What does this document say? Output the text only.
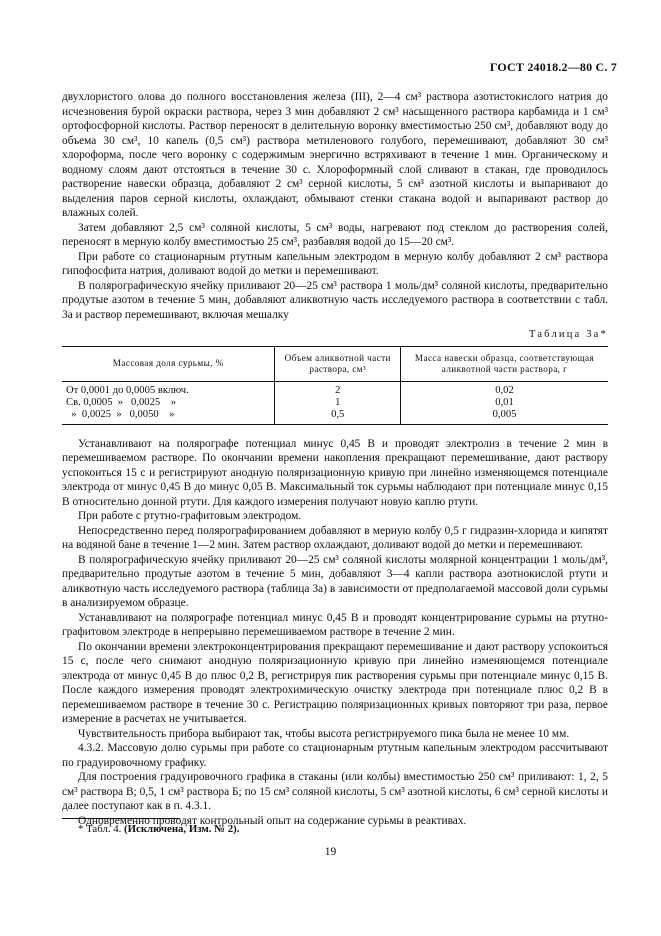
ГОСТ 24018.2—80 С. 7

двухлористого олова до полного восстановления железа (III), 2—4 см³ раствора азотистокислого натрия до исчезновения бурой окраски раствора, через 3 мин добавляют 2 см³ насыщенного раствора карбамида и 1 см³ ортофосфорной кислоты. Раствор переносят в делительную воронку вместимостью 250 см³, добавляют воду до объема 30 см³, 10 капель (0,5 см³) раствора метиленового голубого, перемешивают, добавляют 30 см³ хлороформа, после чего воронку с содержимым энергично встряхивают в течение 1 мин. Органическому и водному слоям дают отстояться в течение 30 с. Хлороформный слой сливают в стакан, где проводилось растворение навески образца, добавляют 2 см³ серной кислоты, 5 см³ азотной кислоты и выпаривают до выделения паров серной кислоты, охлаждают, обмывают стенки стакана водой и выпаривают раствор до влажных солей.

Затем добавляют 2,5 см³ соляной кислоты, 5 см³ воды, нагревают под стеклом до растворения солей, переносят в мерную колбу вместимостью 25 см³, разбавляя водой до 15—20 см³.

При работе со стационарным ртутным капельным электродом в мерную колбу добавляют 2 см³ раствора гипофосфита натрия, доливают водой до метки и перемешивают.

В полярографическую ячейку приливают 20—25 см³ раствора 1 моль/дм³ соляной кислоты, предварительно продутые азотом в течение 5 мин, добавляют аликвотную часть исследуемого раствора в соответствии с табл. 3а и раствор перемешивают, включая мешалку

Таблица 3а*
Массовая доля сурьмы, %	Объем аликвотной части раствора, см³	Масса навески образца, соответствующая аликвотной части раствора, г
От 0,0001 до 0,0005 включ.	2	0,02
Св. 0,0005  »   0,0025    »	1	0,01
»  0,0025  »   0,0050    »	0,5	0,005

Устанавливают на полярографе потенциал минус 0,45 В и проводят электролиз в течение 2 мин в перемешиваемом растворе. По окончании времени накопления прекращают перемешивание, дают раствору успокоиться 15 с и регистрируют анодную поляризационную кривую при линейно изменяющемся потенциале электрода от минус 0,45 В до минус 0,05 В. Максимальный ток сурьмы наблюдают при потенциале минус 0,15 В относительно донной ртути. Для каждого измерения получают новую каплю ртути.

При работе с ртутно-графитовым электродом.

Непосредственно перед полярографированием добавляют в мерную колбу 0,5 г гидразин-хлорида и кипятят на водяной бане в течение 1—2 мин. Затем раствор охлаждают, доливают водой до метки и перемешивают.

В полярографическую ячейку приливают 20—25 см³ соляной кислоты молярной концентрации 1 моль/дм³, предварительно продутые азотом в течение 5 мин, добавляют 3—4 капли раствора азотнокислой ртути и аликвотную часть исследуемого раствора (таблица 3а) в зависимости от предполагаемой массовой доли сурьмы в анализируемом образце.

Устанавливают на полярографе потенциал минус 0,45 В и проводят концентрирование сурьмы на ртутно-графитовом электроде в непрерывно перемешиваемом растворе в течение 2 мин.

По окончании времени электроконцентрирования прекращают перемешивание и дают раствору успокоиться 15 с, после чего снимают анодную поляризационную кривую при линейно изменяющемся потенциале электрода от минус 0,45 В до плюс 0,2 В, регистрируя пик растворения сурьмы при потенциале минус 0,15 В. После каждого измерения проводят электрохимическую очистку электрода при потенциале плюс 0,2 В в перемешиваемом растворе в течение 30 с. Регистрацию поляризационных кривых повторяют три раза, первое измерение в расчетах не учитывается.

Чувствительность прибора выбирают так, чтобы высота регистрируемого пика была не менее 10 мм.

4.3.2. Массовую долю сурьмы при работе со стационарным ртутным капельным электродом рассчитывают по градуировочному графику.

Для построения градуировочного графика в стаканы (или колбы) вместимостью 250 см³ приливают: 1, 2, 5 см³ раствора В; 0,5, 1 см³ раствора Б; по 15 см³ соляной кислоты, 5 см³ азотной кислоты, 6 см³ серной кислоты и далее поступают как в п. 4.3.1.

Одновременно проводят контрольный опыт на содержание сурьмы в реактивах.

* Табл. 4. (Исключена, Изм. № 2).
19
